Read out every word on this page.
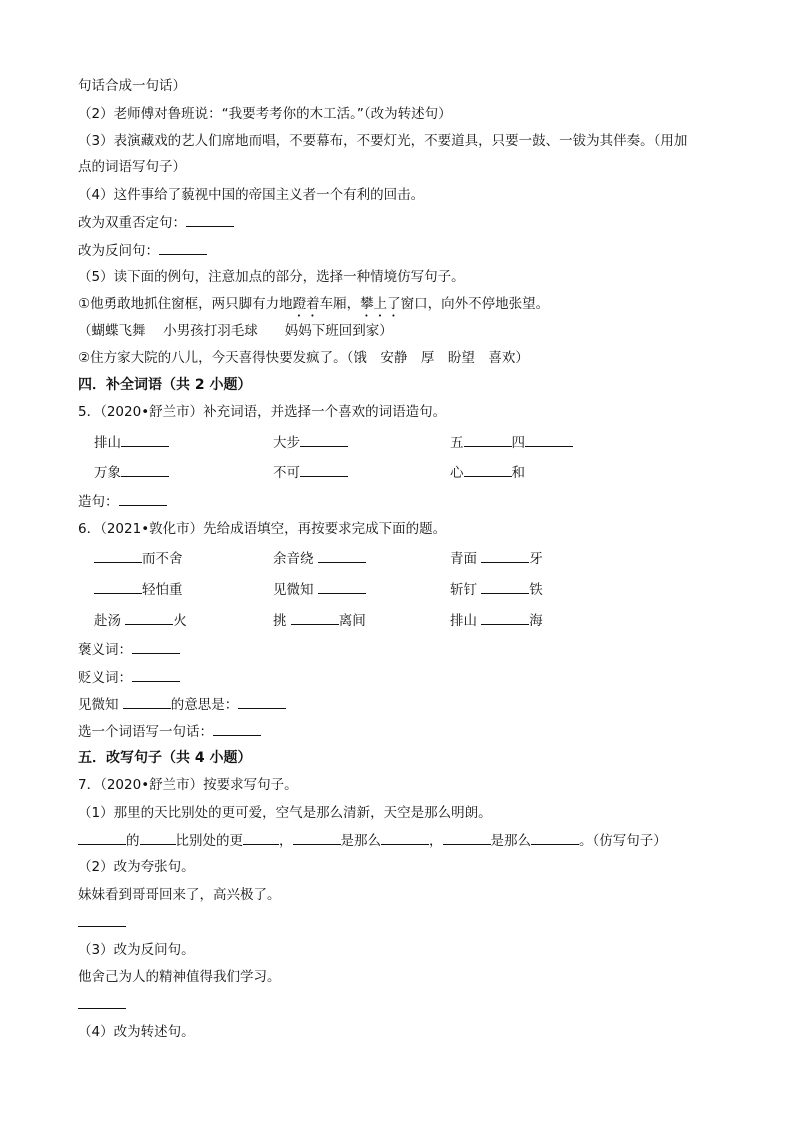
句话合成一句话）
（2）老师傅对鲁班说：“我要考考你的木工活。”（改为转述句）
（3）表演藏戏的艺人们席地而唱，不要幕布，不要灯光，不要道具，只要一鼓、一钹为其伴奏。（用加
点的词语写句子）
（4）这件事给了藐视中国的帝国主义者一个有利的回击。
改为双重否定句：
改为反问句：
（5）读下面的例句，注意加点的部分，选择一种情境仿写句子。
①他勇敢地抓住窗框，两只脚有力地蹬着车厢，攀上了窗口，向外不停地张望。
（蝴蝶飞舞　 小男孩打羽毛球　　妈妈下班回到家）
②住方家大院的八儿，今天喜得快要发疯了。（饿　安静　厚　盼望　喜欢）
四．补全词语（共 2 小题）
5．（2020•舒兰市）补充词语，并选择一个喜欢的词语造句。
排山	大步	五	四
万象	不可	心	和
造句：
6．（2021•敦化市）先给成语填空，再按要求完成下面的题。
而不舍	余音绕	青面	牙
轻怕重	见微知	斩钉	铁
赴汤	火	挑	离间	排山	海
褒义词：
贬义词：
见微知	的意思是：
选一个词语写一句话：
五．改写句子（共 4 小题）
7．（2020•舒兰市）按要求写句子。
（1）那里的天比别处的更可爱，空气是那么清新，天空是那么明朗。
的	比别处的更	，	是那么	，	是那么	。（仿写句子）
（2）改为夸张句。
妹妹看到哥哥回来了，高兴极了。
（3）改为反问句。
他舍己为人的精神值得我们学习。
（4）改为转述句。
